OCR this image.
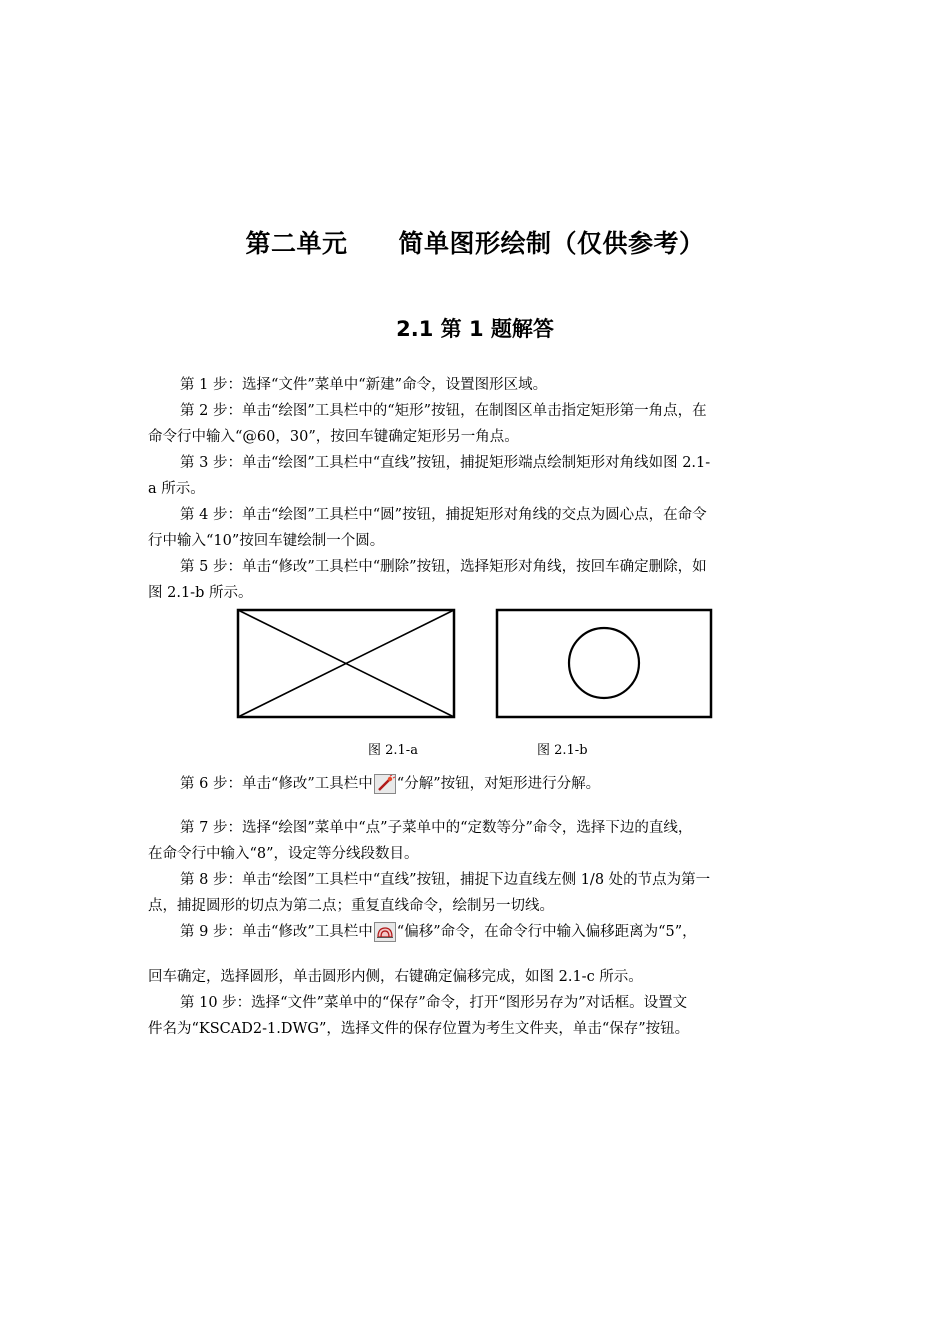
第二单元　　简单图形绘制（仅供参考）
2.1 第 1 题解答
第 1 步：选择“文件”菜单中“新建”命令，设置图形区域。
第 2 步：单击“绘图”工具栏中的“矩形”按钮，在制图区单击指定矩形第一角点，在
命令行中输入“@60，30”，按回车键确定矩形另一角点。
第 3 步：单击“绘图”工具栏中“直线”按钮，捕捉矩形端点绘制矩形对角线如图 2.1-
a 所示。
第 4 步：单击“绘图”工具栏中“圆”按钮，捕捉矩形对角线的交点为圆心点，在命令
行中输入“10”按回车键绘制一个圆。
第 5 步：单击“修改”工具栏中“删除”按钮，选择矩形对角线，按回车确定删除，如
图 2.1-b 所示。
图 2.1-a	图 2.1-b
第 6 步：单击“修改”工具栏中 “分解”按钮，对矩形进行分解。
第 7 步：选择“绘图”菜单中“点”子菜单中的“定数等分”命令，选择下边的直线，
在命令行中输入“8”，设定等分线段数目。
第 8 步：单击“绘图”工具栏中“直线”按钮，捕捉下边直线左侧 1/8 处的节点为第一
点，捕捉圆形的切点为第二点；重复直线命令，绘制另一切线。
第 9 步：单击“修改”工具栏中 “偏移”命令，在命令行中输入偏移距离为“5”，
回车确定，选择圆形，单击圆形内侧，右键确定偏移完成，如图 2.1-c 所示。
第 10 步：选择“文件”菜单中的“保存”命令，打开“图形另存为”对话框。设置文
件名为“KSCAD2-1.DWG”，选择文件的保存位置为考生文件夹，单击“保存”按钮。
